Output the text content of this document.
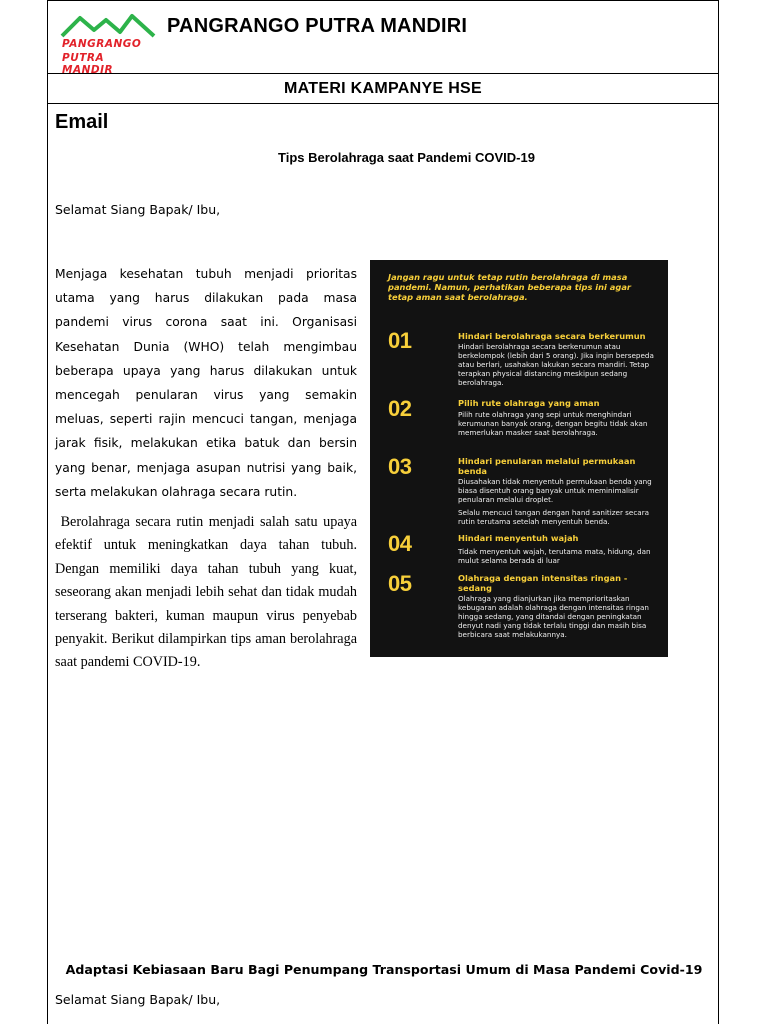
PANGRANGO
PUTRA MANDIR
PANGRANGO PUTRA MANDIRI
MATERI KAMPANYE HSE
Email
Tips Berolahraga saat Pandemi COVID-19
Selamat Siang Bapak/ Ibu,
Menjaga kesehatan tubuh menjadi prioritas utama yang harus dilakukan pada masa pandemi virus corona saat ini. Organisasi Kesehatan Dunia (WHO) telah mengimbau beberapa upaya yang harus dilakukan untuk mencegah penularan virus yang semakin meluas, seperti rajin mencuci tangan, menjaga jarak fisik, melakukan etika batuk dan bersin yang benar, menjaga asupan nutrisi yang baik, serta melakukan olahraga secara rutin.
Berolahraga secara rutin menjadi salah satu upaya efektif untuk meningkatkan daya tahan tubuh. Dengan memiliki daya tahan tubuh yang kuat, seseorang akan menjadi lebih sehat dan tidak mudah terserang bakteri, kuman maupun virus penyebab penyakit. Berikut dilampirkan tips aman berolahraga saat pandemi COVID-19.
Jangan ragu untuk tetap rutin berolahraga di masa pandemi. Namun, perhatikan beberapa tips ini agar tetap aman saat berolahraga.
01	Hindari berolahraga secara berkerumun
Hindari berolahraga secara berkerumun atau berkelompok (lebih dari 5 orang). Jika ingin bersepeda atau berlari, usahakan lakukan secara mandiri. Tetap terapkan physical distancing meskipun sedang berolahraga.
02	Pilih rute olahraga yang aman
Pilih rute olahraga yang sepi untuk menghindari kerumunan banyak orang, dengan begitu tidak akan memerlukan masker saat berolahraga.
03	Hindari penularan melalui permukaan benda
Diusahakan tidak menyentuh permukaan benda yang biasa disentuh orang banyak untuk meminimalisir penularan melalui droplet.
Selalu mencuci tangan dengan hand sanitizer secara rutin terutama setelah menyentuh benda.
04	Hindari menyentuh wajah
Tidak menyentuh wajah, terutama mata, hidung, dan mulut selama berada di luar
05	Olahraga dengan intensitas ringan - sedang
Olahraga yang dianjurkan jika memprioritaskan kebugaran adalah olahraga dengan intensitas ringan hingga sedang, yang ditandai dengan peningkatan denyut nadi yang tidak terlalu tinggi dan masih bisa berbicara saat melakukannya.
Adaptasi Kebiasaan Baru Bagi Penumpang Transportasi Umum di Masa Pandemi Covid-19
Selamat Siang Bapak/ Ibu,
